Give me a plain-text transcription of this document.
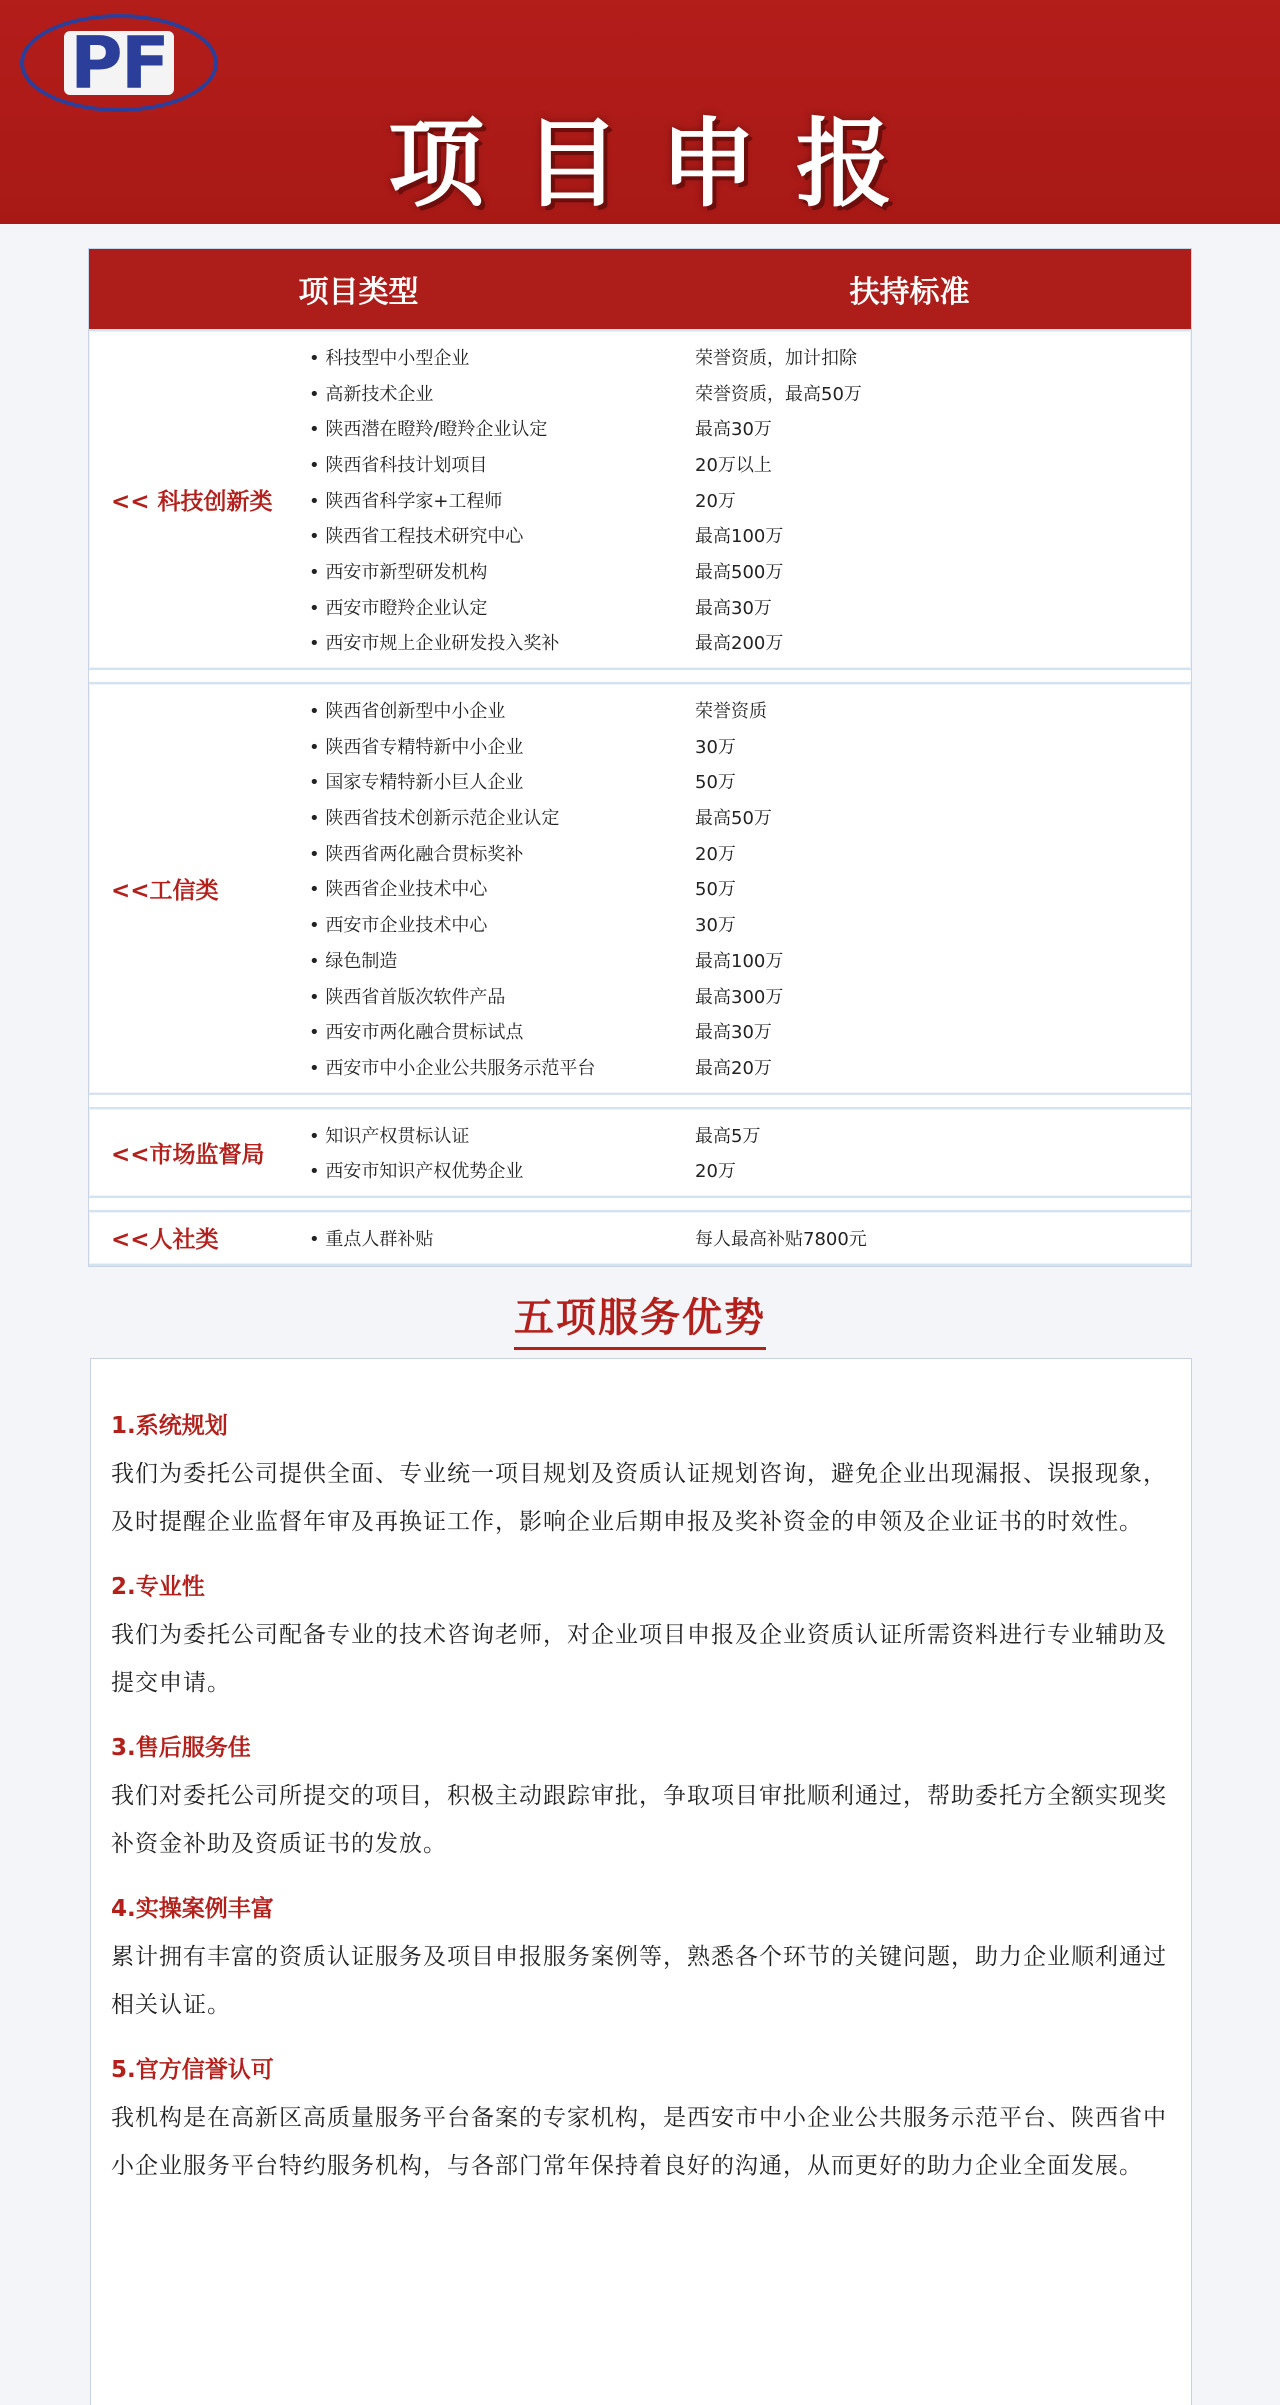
PF
项目申报
项目类型	扶持标准
<< 科技创新类
• 科技型中小型企业	荣誉资质，加计扣除
• 高新技术企业	荣誉资质，最高50万
• 陕西潜在瞪羚/瞪羚企业认定	最高30万
• 陕西省科技计划项目	20万以上
• 陕西省科学家+工程师	20万
• 陕西省工程技术研究中心	最高100万
• 西安市新型研发机构	最高500万
• 西安市瞪羚企业认定	最高30万
• 西安市规上企业研发投入奖补	最高200万
<<工信类
• 陕西省创新型中小企业	荣誉资质
• 陕西省专精特新中小企业	30万
• 国家专精特新小巨人企业	50万
• 陕西省技术创新示范企业认定	最高50万
• 陕西省两化融合贯标奖补	20万
• 陕西省企业技术中心	50万
• 西安市企业技术中心	30万
• 绿色制造	最高100万
• 陕西省首版次软件产品	最高300万
• 西安市两化融合贯标试点	最高30万
• 西安市中小企业公共服务示范平台	最高20万
<<市场监督局
• 知识产权贯标认证	最高5万
• 西安市知识产权优势企业	20万
<<人社类	• 重点人群补贴	每人最高补贴7800元
五项服务优势
1.系统规划
我们为委托公司提供全面、专业统一项目规划及资质认证规划咨询，避免企业出现漏报、误报现象，及时提醒企业监督年审及再换证工作，影响企业后期申报及奖补资金的申领及企业证书的时效性。
2.专业性
我们为委托公司配备专业的技术咨询老师，对企业项目申报及企业资质认证所需资料进行专业辅助及提交申请。
3.售后服务佳
我们对委托公司所提交的项目，积极主动跟踪审批，争取项目审批顺利通过，帮助委托方全额实现奖补资金补助及资质证书的发放。
4.实操案例丰富
累计拥有丰富的资质认证服务及项目申报服务案例等，熟悉各个环节的关键问题，助力企业顺利通过相关认证。
5.官方信誉认可
我机构是在高新区高质量服务平台备案的专家机构，是西安市中小企业公共服务示范平台、陕西省中小企业服务平台特约服务机构，与各部门常年保持着良好的沟通，从而更好的助力企业全面发展。
